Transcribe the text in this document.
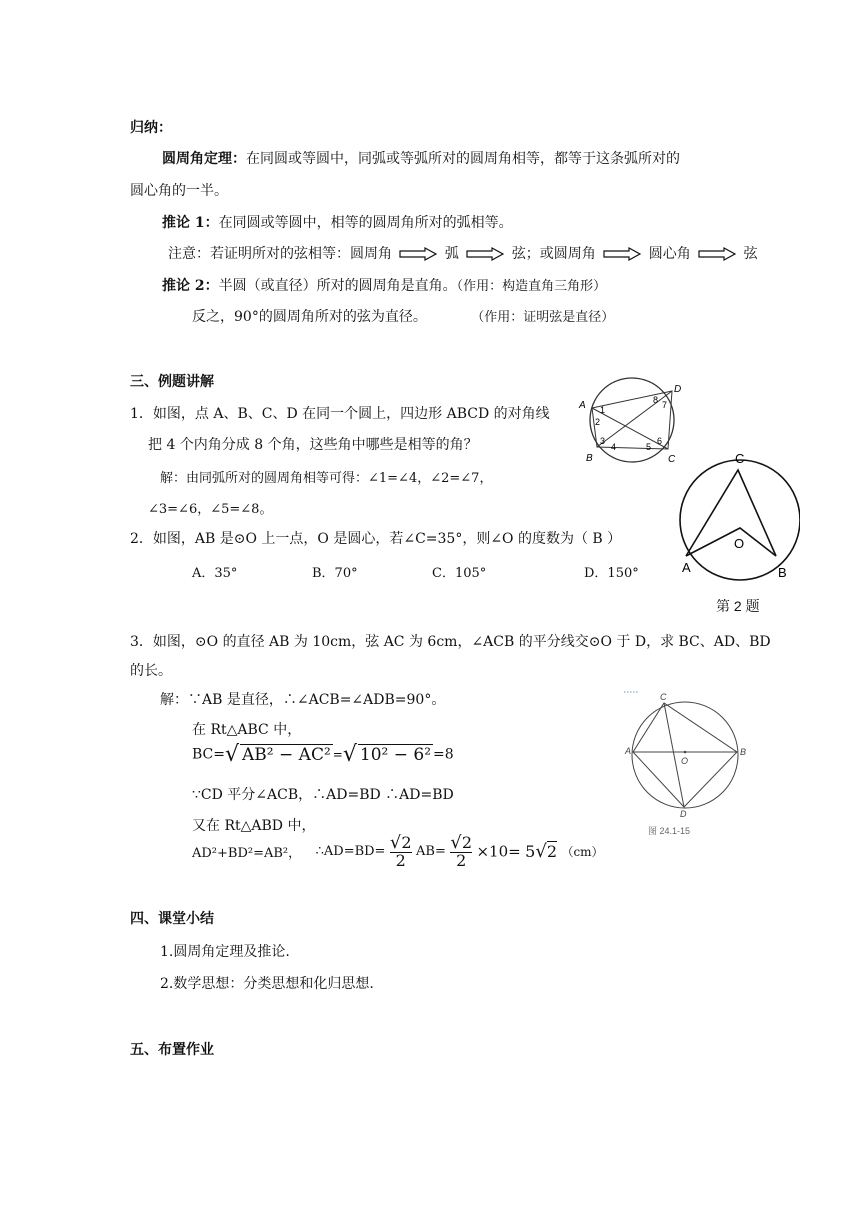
归纳：
圆周角定理：在同圆或等圆中，同弧或等弧所对的圆周角相等，都等于这条弧所对的
圆心角的一半。
推论 1：在同圆或等圆中，相等的圆周角所对的弧相等。
注意：若证明所对的弦相等：圆周角	弧	弦；或圆周角	圆心角	弦
推论 2：半圆（或直径）所对的圆周角是直角。（作用：构造直角三角形）
反之，90°的圆周角所对的弦为直径。	（作用：证明弦是直径）
三、例题讲解
1．如图，点 A、B、C、D 在同一个圆上，四边形 ABCD 的对角线
把 4 个内角分成 8 个角，这些角中哪些是相等的角？
解：由同弧所对的圆周角相等可得：∠1=∠4，∠2=∠7，
∠3=∠6，∠5=∠8。
A
B	C
D
1
2
3
4	5
6
7
8
2．如图，AB 是⊙O 上一点，O 是圆心，若∠C=35°，则∠O 的度数为（ B ）
A．35°	B．70°	C．105°	D．150°
C
O
A	B
第 2 题
3．如图，⊙O 的直径 AB 为 10cm，弦 AC 为 6cm，∠ACB 的平分线交⊙O 于 D，求 BC、AD、BD
的长。
解：∵AB 是直径，∴∠ACB=∠ADB=90°。
在 Rt△ABC 中，
BC=√ AB² − AC² =√ 10² − 6² =8
∵CD 平分∠ACB，∴AD=BD ∴AD=BD
又在 Rt△ABD 中，
AD²+BD²=AB²， ∴AD=BD= $\frac{√2}{2} AB= \frac{√2}{2} \times 10= 5√2$ （cm）
C
A
O
B
D
图 24.1-15
四、课堂小结
1.圆周角定理及推论.
2.数学思想：分类思想和化归思想.
五、布置作业
